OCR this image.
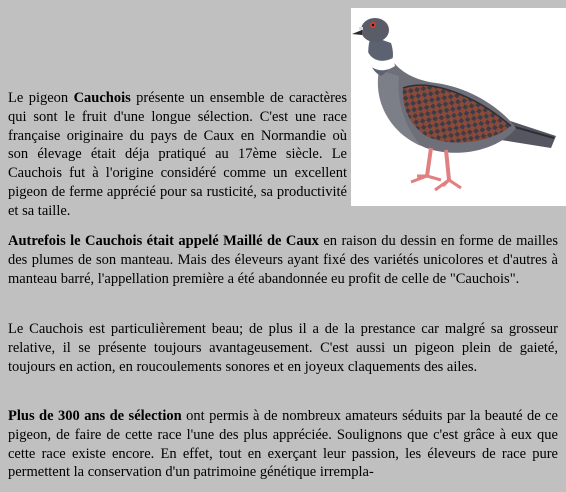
Le pigeon Cauchois présente un ensemble de caractères qui sont le fruit d'une longue sélection. C'est une race française originaire du pays de Caux en Normandie où son élevage était déja pratiqué au 17ème siècle. Le Cauchois fut à l'origine considéré comme un excellent pigeon de ferme apprécié pour sa rusticité, sa productivité et sa taille.

Autrefois le Cauchois était appelé Maillé de Caux en raison du dessin en forme de mailles des plumes de son manteau. Mais des éleveurs ayant fixé des variétés unicolores et d'autres à manteau barré, l'appellation première a été abandonnée eu profit de celle de "Cauchois".

Le Cauchois est particulièrement beau; de plus il a de la prestance car malgré sa grosseur relative, il se présente toujours avantageusement. C'est aussi un pigeon plein de gaieté, toujours en action, en roucoulements sonores et en joyeux claquements des ailes.

Plus de 300 ans de sélection ont permis à de nombreux amateurs séduits par la beauté de ce pigeon, de faire de cette race l'une des plus appréciée. Soulignons que c'est grâce à eux que cette race existe encore. En effet, tout en exerçant leur passion, les éleveurs de race pure permettent la conservation d'un patrimoine génétique irrempla-
